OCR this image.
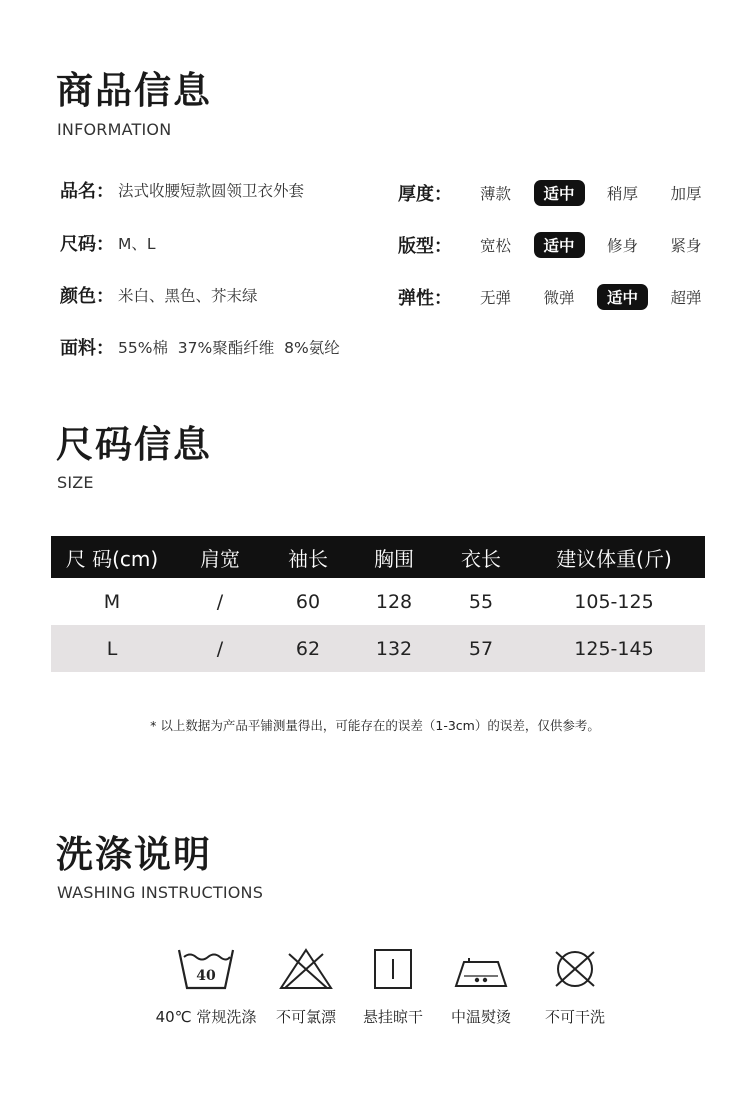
商品信息
INFORMATION
品名 ： 法式收腰短款圆领卫衣外套
尺码 ： M、L
颜色 ： 米白、黑色、芥末绿
面料 ： 55%棉  37%聚酯纤维  8%氨纶
厚度：	薄款	适中	稍厚	加厚
版型：	宽松	适中	修身	紧身
弹性：	无弹	微弹	适中	超弹
尺码信息
SIZE
尺 码(cm)	肩宽	袖长	胸围	衣长	建议体重(斤)
M	/	60	128	55	105-125
L	/	62	132	57	125-145
* 以上数据为产品平铺测量得出，可能存在的误差（1-3cm）的误差，仅供参考。
洗涤说明
WASHING INSTRUCTIONS
40
40℃ 常规洗涤	不可氯漂	悬挂晾干	中温熨烫	不可干洗
